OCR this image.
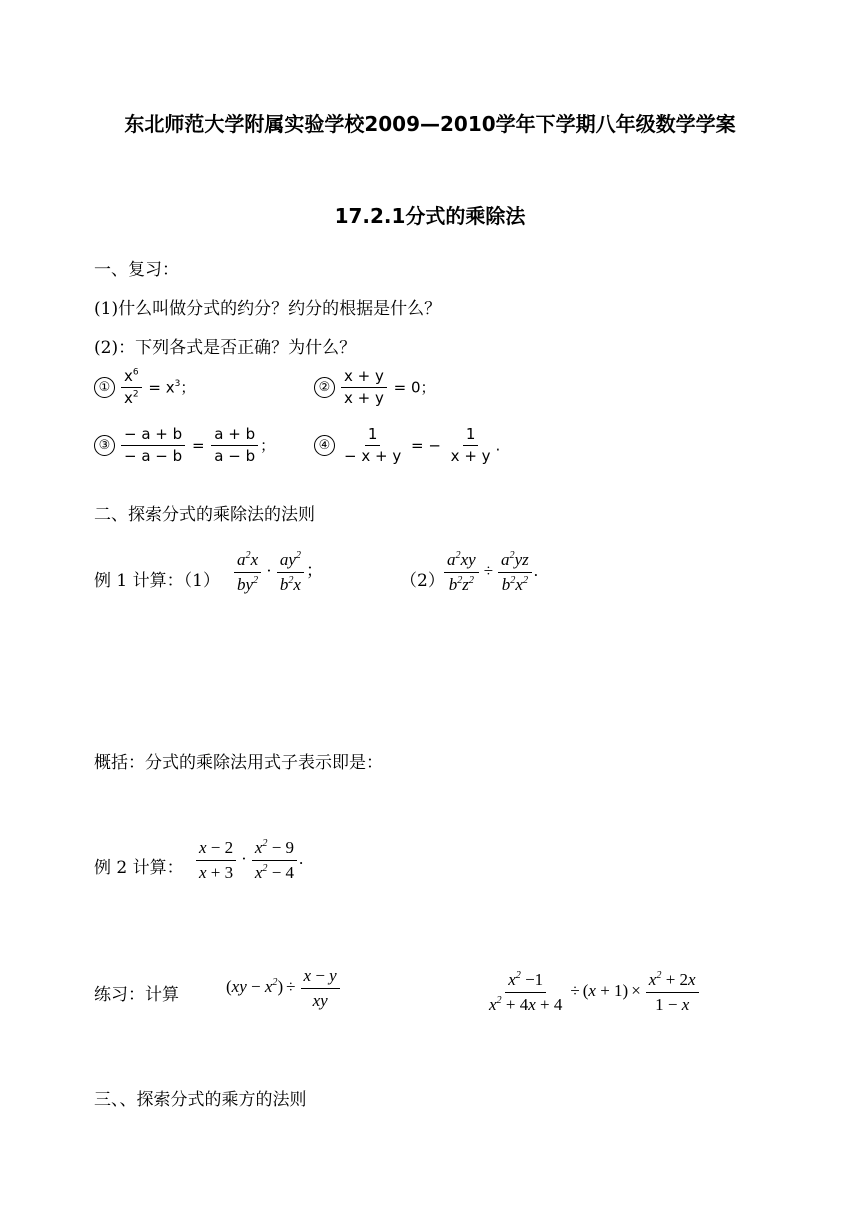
东北师范大学附属实验学校2009—2010学年下学期八年级数学学案
17.2.1分式的乘除法
一、复习：
(1)什么叫做分式的约分？约分的根据是什么？
(2)：下列各式是否正确？为什么？
① $\frac{x^6}{x^2} = x^3$；	② $\frac{x + y}{x + y} = 0$；
③ $\frac{- a + b}{- a - b} = \frac{a + b}{a - b}$ ；	④ $\frac{1}{- x + y}$ = − $\frac{1}{x + y}$ .
二、探索分式的乘除法的法则
例 1 计算：$(1) \frac{a^2x}{by^2} \cdot \frac{ay^2}{b^2x}$ ；
$(2) \frac{a^2xy}{b^2z^2} \div \frac{a^2yz}{b^2x^2}$ .
概括：分式的乘除法用式子表示即是：
例 2 计算： $\frac{x - 2}{x + 3} \cdot \frac{x^2 - 9}{x^2 - 4}$ .
练习：计算	$(xy - x^2) \div \frac{x - y}{xy}$	$\frac{x^2 -1}{x^2 + 4x + 4} \div (x + 1) \times \frac{x^2 + 2x}{1 - x}$
三、、探索分式的乘方的法则
